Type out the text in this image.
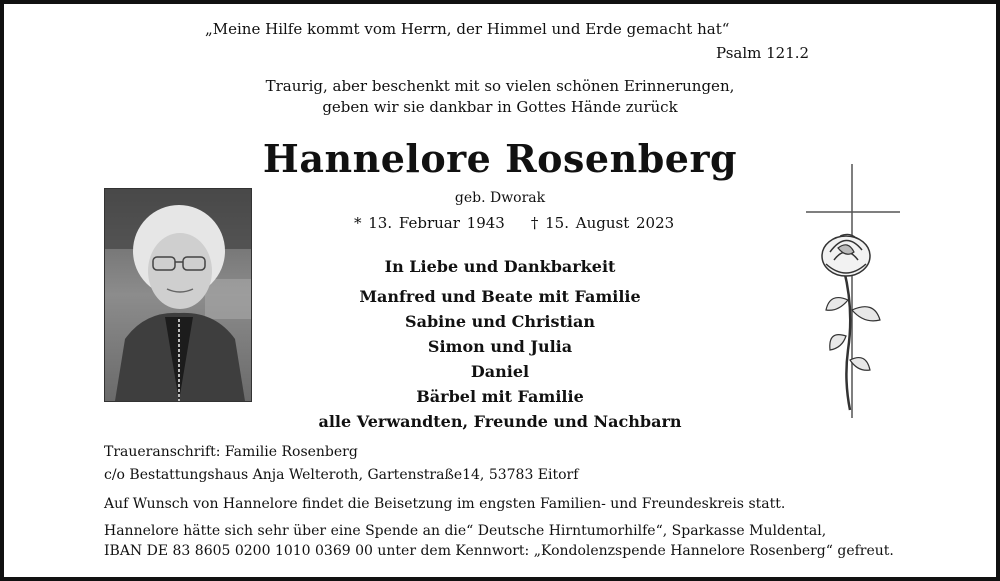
„Meine Hilfe kommt vom Herrn, der Himmel und Erde gemacht hat“
Psalm 121.2
Traurig, aber beschenkt mit so vielen schönen Erinnerungen,
geben wir sie dankbar in Gottes Hände zurück
Hannelore Rosenberg
geb. Dworak
* 13. Februar 1943 † 15. August 2023
In Liebe und Dankbarkeit
Manfred und Beate mit Familie
Sabine und Christian
Simon und Julia
Daniel
Bärbel mit Familie
alle Verwandten, Freunde und Nachbarn
Traueranschrift: Familie Rosenberg
c/o Bestattungshaus Anja Welteroth, Gartenstraße14, 53783 Eitorf
Auf Wunsch von Hannelore findet die Beisetzung im engsten Familien- und Freundeskreis statt.
Hannelore hätte sich sehr über eine Spende an die“ Deutsche Hirntumorhilfe“, Sparkasse Muldental,
IBAN DE 83 8605 0200 1010 0369 00 unter dem Kennwort: „Kondolenzspende Hannelore Rosenberg“ gefreut.
